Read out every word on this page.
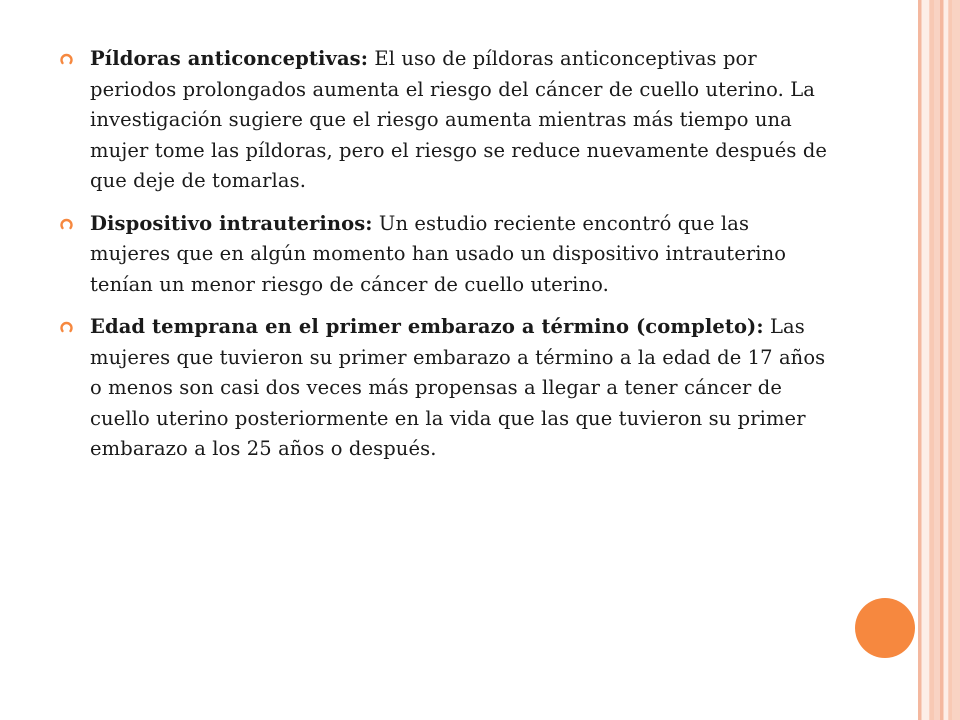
Píldoras anticonceptivas: El uso de píldoras anticonceptivas por periodos prolongados aumenta el riesgo del cáncer de cuello uterino. La investigación sugiere que el riesgo aumenta mientras más tiempo una mujer tome las píldoras, pero el riesgo se reduce nuevamente después de que deje de tomarlas.
Dispositivo intrauterinos: Un estudio reciente encontró que las mujeres que en algún momento han usado un dispositivo intrauterino tenían un menor riesgo de cáncer de cuello uterino.
Edad temprana en el primer embarazo a término (completo): Las mujeres que tuvieron su primer embarazo a término a la edad de 17 años o menos son casi dos veces más propensas a llegar a tener cáncer de cuello uterino posteriormente en la vida que las que tuvieron su primer embarazo a los 25 años o después.
